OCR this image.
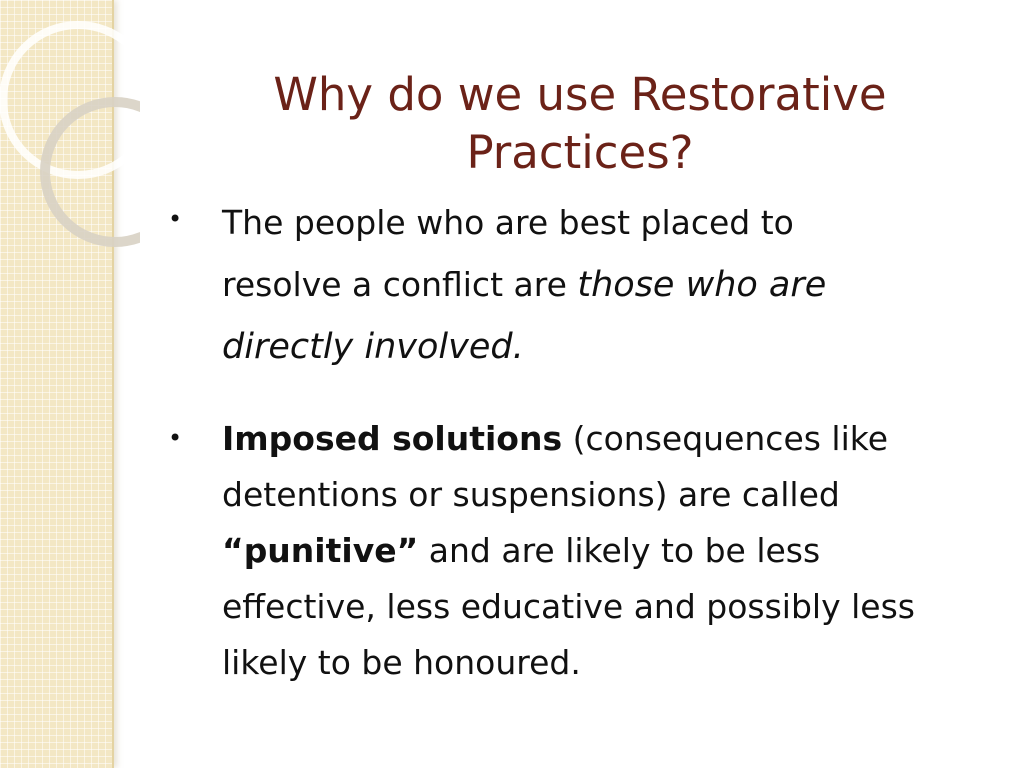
Why do we use Restorative
Practices?
• The people who are best placed to
resolve a conflict are those who are
directly involved.
• Imposed solutions (consequences like
detentions or suspensions) are called
“punitive” and are likely to be less
effective, less educative and possibly less
likely to be honoured.
